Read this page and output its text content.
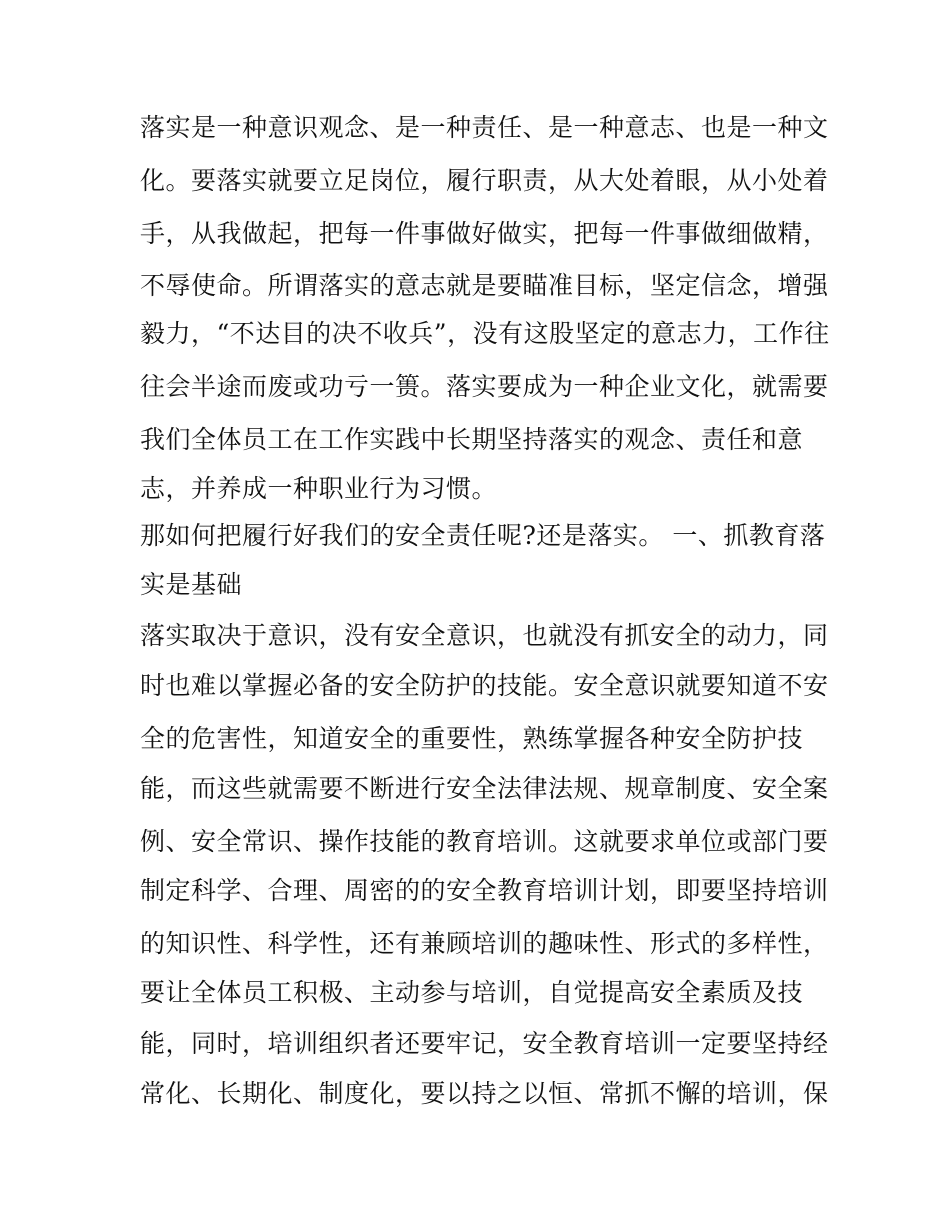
落实是一种意识观念、是一种责任、是一种意志、也是一种文
化。要落实就要立足岗位，履行职责，从大处着眼，从小处着
手，从我做起，把每一件事做好做实，把每一件事做细做精，
不辱使命。所谓落实的意志就是要瞄准目标，坚定信念，增强
毅力，“不达目的决不收兵”，没有这股坚定的意志力，工作往
往会半途而废或功亏一篑。落实要成为一种企业文化，就需要
我们全体员工在工作实践中长期坚持落实的观念、责任和意
志，并养成一种职业行为习惯。
那如何把履行好我们的安全责任呢?还是落实。 一、抓教育落
实是基础
落实取决于意识，没有安全意识，也就没有抓安全的动力，同
时也难以掌握必备的安全防护的技能。安全意识就要知道不安
全的危害性，知道安全的重要性，熟练掌握各种安全防护技
能，而这些就需要不断进行安全法律法规、规章制度、安全案
例、安全常识、操作技能的教育培训。这就要求单位或部门要
制定科学、合理、周密的的安全教育培训计划，即要坚持培训
的知识性、科学性，还有兼顾培训的趣味性、形式的多样性，
要让全体员工积极、主动参与培训，自觉提高安全素质及技
能，同时，培训组织者还要牢记，安全教育培训一定要坚持经
常化、长期化、制度化，要以持之以恒、常抓不懈的培训，保
